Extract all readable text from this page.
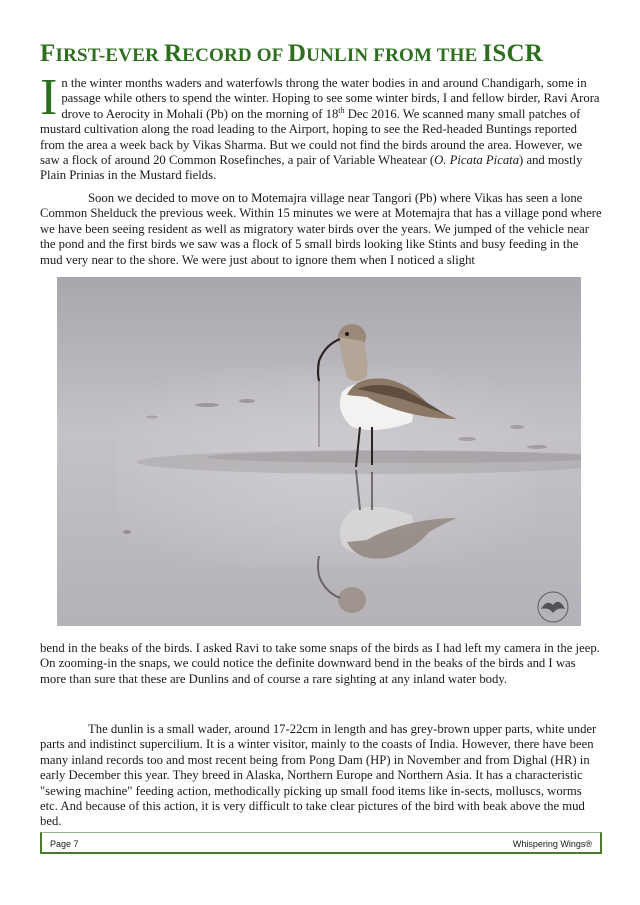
FIRST-EVER RECORD OF DUNLIN FROM THE ISCR

In the winter months waders and waterfowls throng the water bodies in and around Chandigarh, some in passage while others to spend the winter. Hoping to see some winter birds, I and fellow birder, Ravi Arora drove to Aerocity in Mohali (Pb) on the morning of 18th Dec 2016. We scanned many small patches of mustard cultivation along the road leading to the Airport, hoping to see the Red-headed Buntings reported from the area a week back by Vikas Sharma. But we could not find the birds around the area. However, we saw a flock of around 20 Common Rosefinches, a pair of Variable Wheatear (O. Picata Picata) and mostly Plain Prinias in the Mustard fields.

Soon we decided to move on to Motemajra village near Tangori (Pb) where Vikas has seen a lone Common Shelduck the previous week. Within 15 minutes we were at Motemajra that has a village pond where we have been seeing resident as well as migratory water birds over the years. We jumped of the vehicle near the pond and the first birds we saw was a flock of 5 small birds looking like Stints and busy feeding in the mud very near to the shore. We were just about to ignore them when I noticed a slight

bend in the beaks of the birds. I asked Ravi to take some snaps of the birds as I had left my camera in the jeep. On zooming-in the snaps, we could notice the definite downward bend in the beaks of the birds and I was more than sure that these are Dunlins and of course a rare sighting at any inland water body.

The dunlin is a small wader, around 17-22cm in length and has grey-brown upper parts, white under parts and indistinct supercilium. It is a winter visitor, mainly to the coasts of India. However, there have been many inland records too and most recent being from Pong Dam (HP) in November and from Dighal (HR) in early December this year. They breed in Alaska, Northern Europe and Northern Asia. It has a characteristic "sewing machine" feeding action, methodically picking up small food items like in-sects, molluscs, worms etc. And because of this action, it is very difficult to take clear pictures of the bird with beak above the mud bed.

Page 7	Whispering Wings®
